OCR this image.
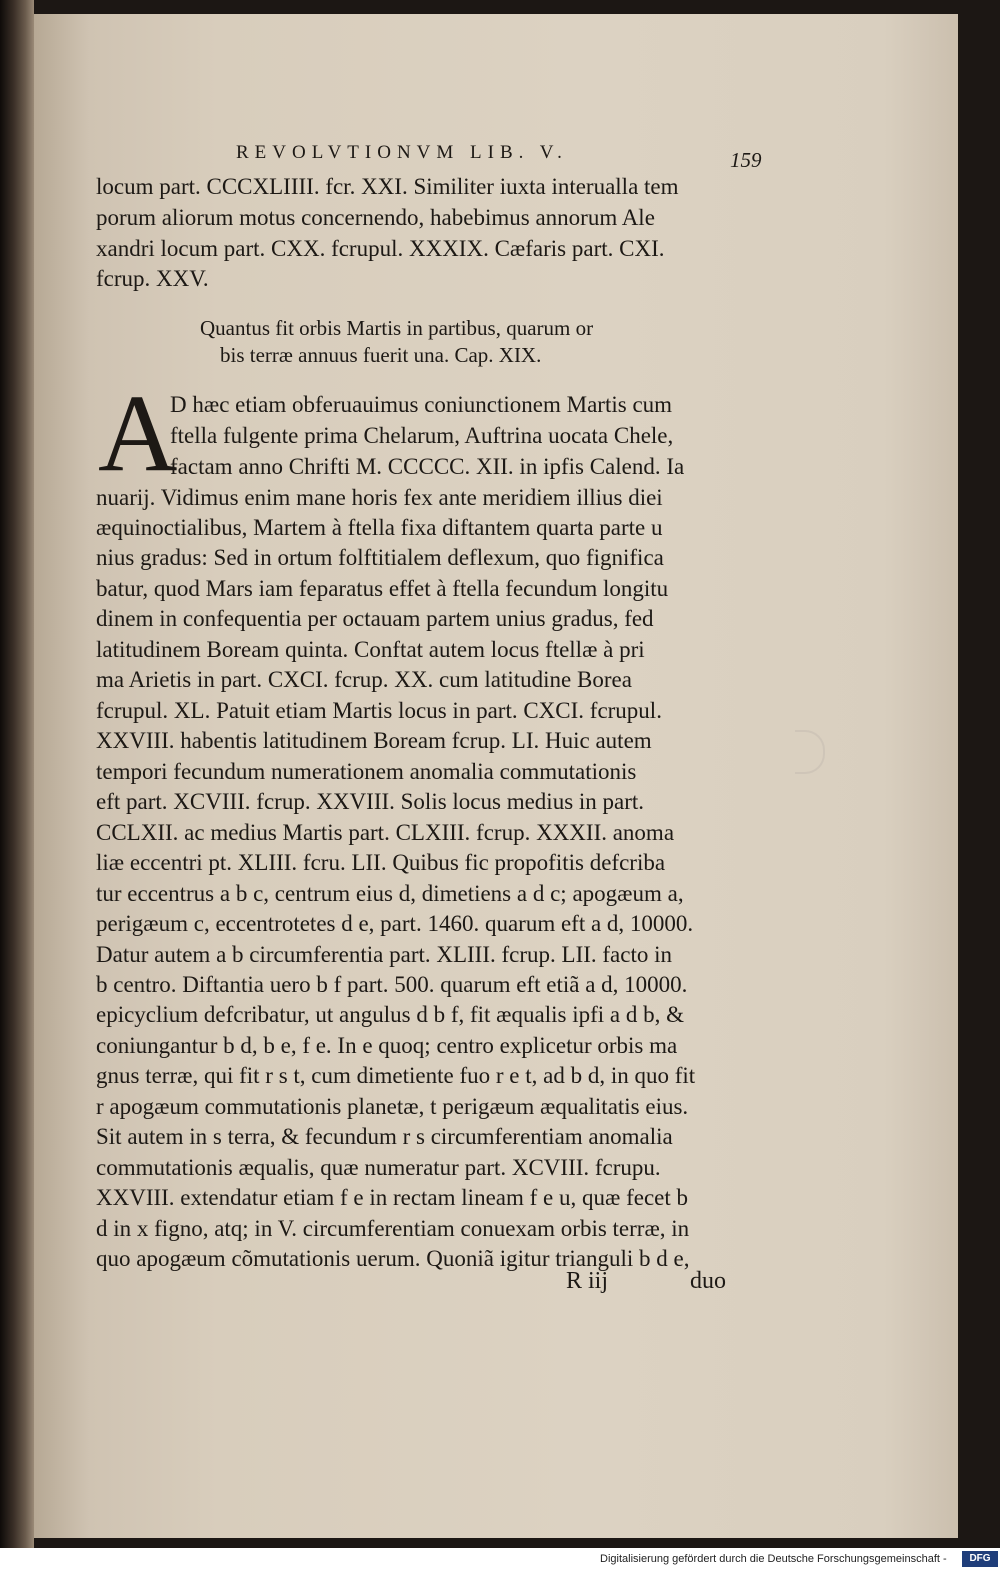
REVOLVTIONVM LIB. V.	159
locum part. CCCXLIIII. fcr. XXI. Similiter iuxta interualla tem
porum aliorum motus concernendo, habebimus annorum Ale
xandri locum part. CXX. fcrupul. XXXIX. Cæfaris part. CXI.
fcrup. XXV.
Quantus fit orbis Martis in partibus, quarum or
bis terræ annuus fuerit una. Cap. XIX.
A
D hæc etiam obferuauimus coniunctionem Martis cum
ftella fulgente prima Chelarum, Auftrina uocata Chele,
factam anno Chrifti M. CCCCC. XII. in ipfis Calend. Ia
nuarij. Vidimus enim mane horis fex ante meridiem illius diei
æquinoctialibus, Martem à ftella fixa diftantem quarta parte u
nius gradus: Sed in ortum folftitialem deflexum, quo fignifica
batur, quod Mars iam feparatus effet à ftella fecundum longitu
dinem in confequentia per octauam partem unius gradus, fed
latitudinem Boream quinta. Conftat autem locus ftellæ à pri
ma Arietis in part. CXCI. fcrup. XX. cum latitudine Borea
fcrupul. XL. Patuit etiam Martis locus in part. CXCI. fcrupul.
XXVIII. habentis latitudinem Boream fcrup. LI. Huic autem
tempori fecundum numerationem anomalia commutationis
eft part. XCVIII. fcrup. XXVIII. Solis locus medius in part.
CCLXII. ac medius Martis part. CLXIII. fcrup. XXXII. anoma
liæ eccentri pt. XLIII. fcru. LII. Quibus fic propofitis defcriba
tur eccentrus a b c, centrum eius d, dimetiens a d c; apogæum a,
perigæum c, eccentrotetes d e, part. 1460. quarum eft a d, 10000.
Datur autem a b circumferentia part. XLIII. fcrup. LII. facto in
b centro. Diftantia uero b f part. 500. quarum eft etiã a d, 10000.
epicyclium defcribatur, ut angulus d b f, fit æqualis ipfi a d b, &
coniungantur b d, b e, f e. In e quoq; centro explicetur orbis ma
gnus terræ, qui fit r s t, cum dimetiente fuo r e t, ad b d, in quo fit
r apogæum commutationis planetæ, t perigæum æqualitatis eius.
Sit autem in s terra, & fecundum r s circumferentiam anomalia
commutationis æqualis, quæ numeratur part. XCVIII. fcrupu.
XXVIII. extendatur etiam f e in rectam lineam f e u, quæ fecet b
d in x figno, atq; in V. circumferentiam conuexam orbis terræ, in
quo apogæum cõmutationis uerum. Quoniã igitur trianguli b d e,
R iij	duo
Digitalisierung gefördert durch die Deutsche Forschungsgemeinschaft -	DFG
